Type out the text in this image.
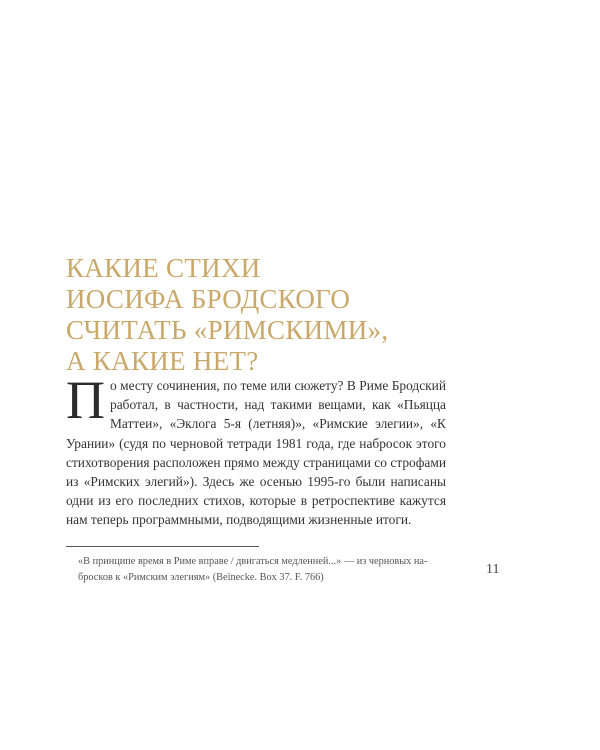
КАКИЕ СТИХИ
ИОСИФА БРОДСКОГО
СЧИТАТЬ «РИМСКИМИ»,
А КАКИЕ НЕТ?

По месту сочинения, по теме или сюжету? В Риме Бродский работал, в частности, над такими вещами, как «Пьяцца Маттеи», «Эклога 5-я (летняя)», «Римские элегии», «К Урании» (судя по черновой тетради 1981 года, где набросок этого стихотворения расположен прямо между страницами со строфами из «Римских элегий»). Здесь же осенью 1995-го были написаны одни из его последних стихов, которые в ретроспективе кажутся нам теперь программными, подводящими жизненные итоги.

«В принципе время в Риме вправе / двигаться медленней...» — из черновых на-
бросков к «Римским элегиям» (Beinecke. Box 37. F. 766)

11
